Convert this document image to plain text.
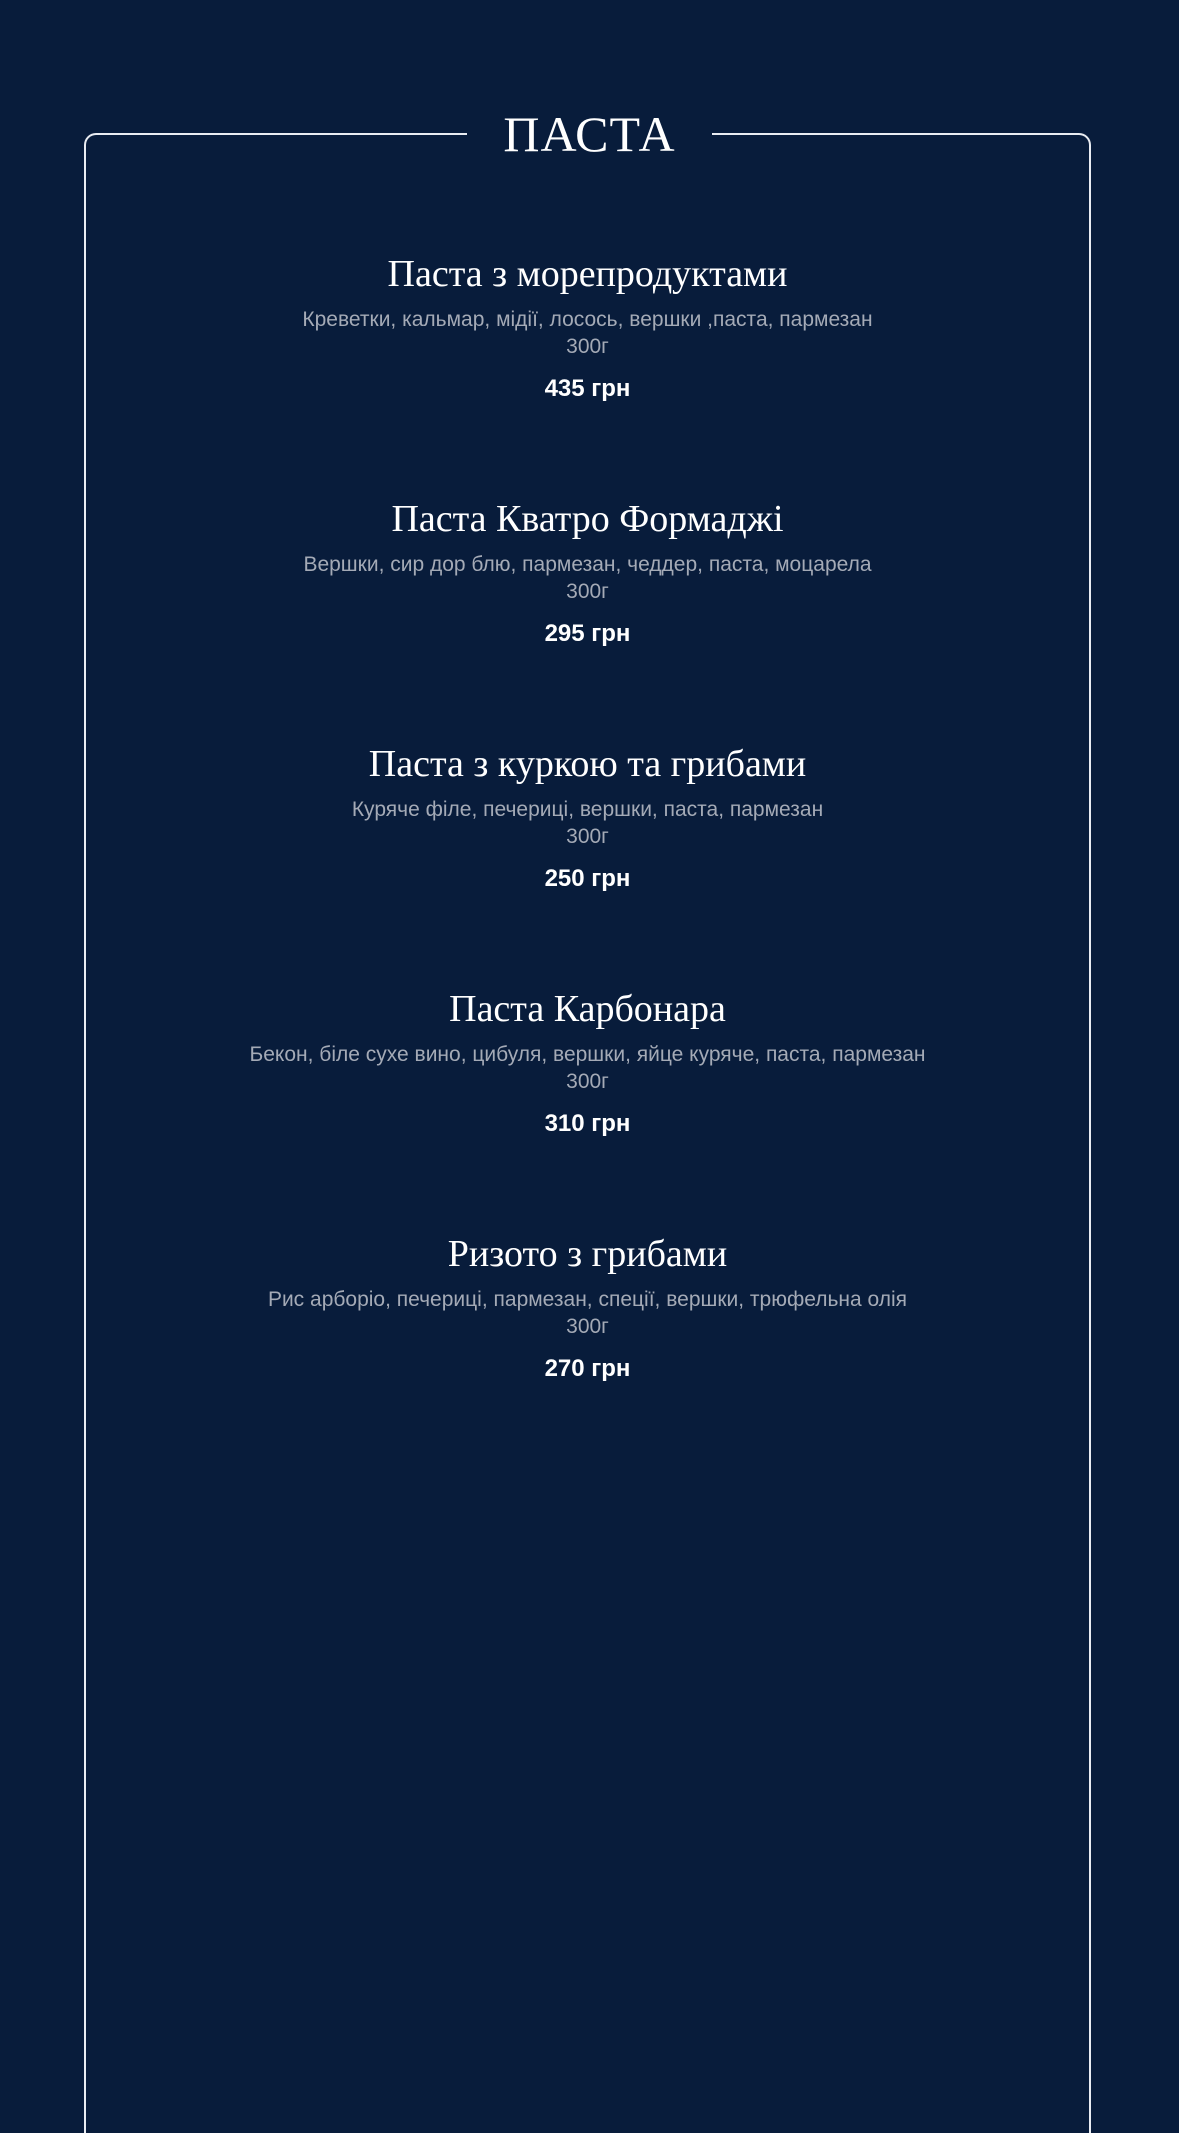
ПАСТА
Паста з морепродуктами
Креветки, кальмар, мідії, лосось, вершки ,паста, пармезан
300г
435 грн
Паста Кватро Формаджі
Вершки, сир дор блю, пармезан, чеддер, паста, моцарела
300г
295 грн
Паста з куркою та грибами
Куряче філе, печериці, вершки, паста, пармезан
300г
250 грн
Паста Карбонара
Бекон, біле сухе вино, цибуля, вершки, яйце куряче, паста, пармезан
300г
310 грн
Ризото з грибами
Рис арборіо, печериці, пармезан, спеції, вершки, трюфельна олія
300г
270 грн
